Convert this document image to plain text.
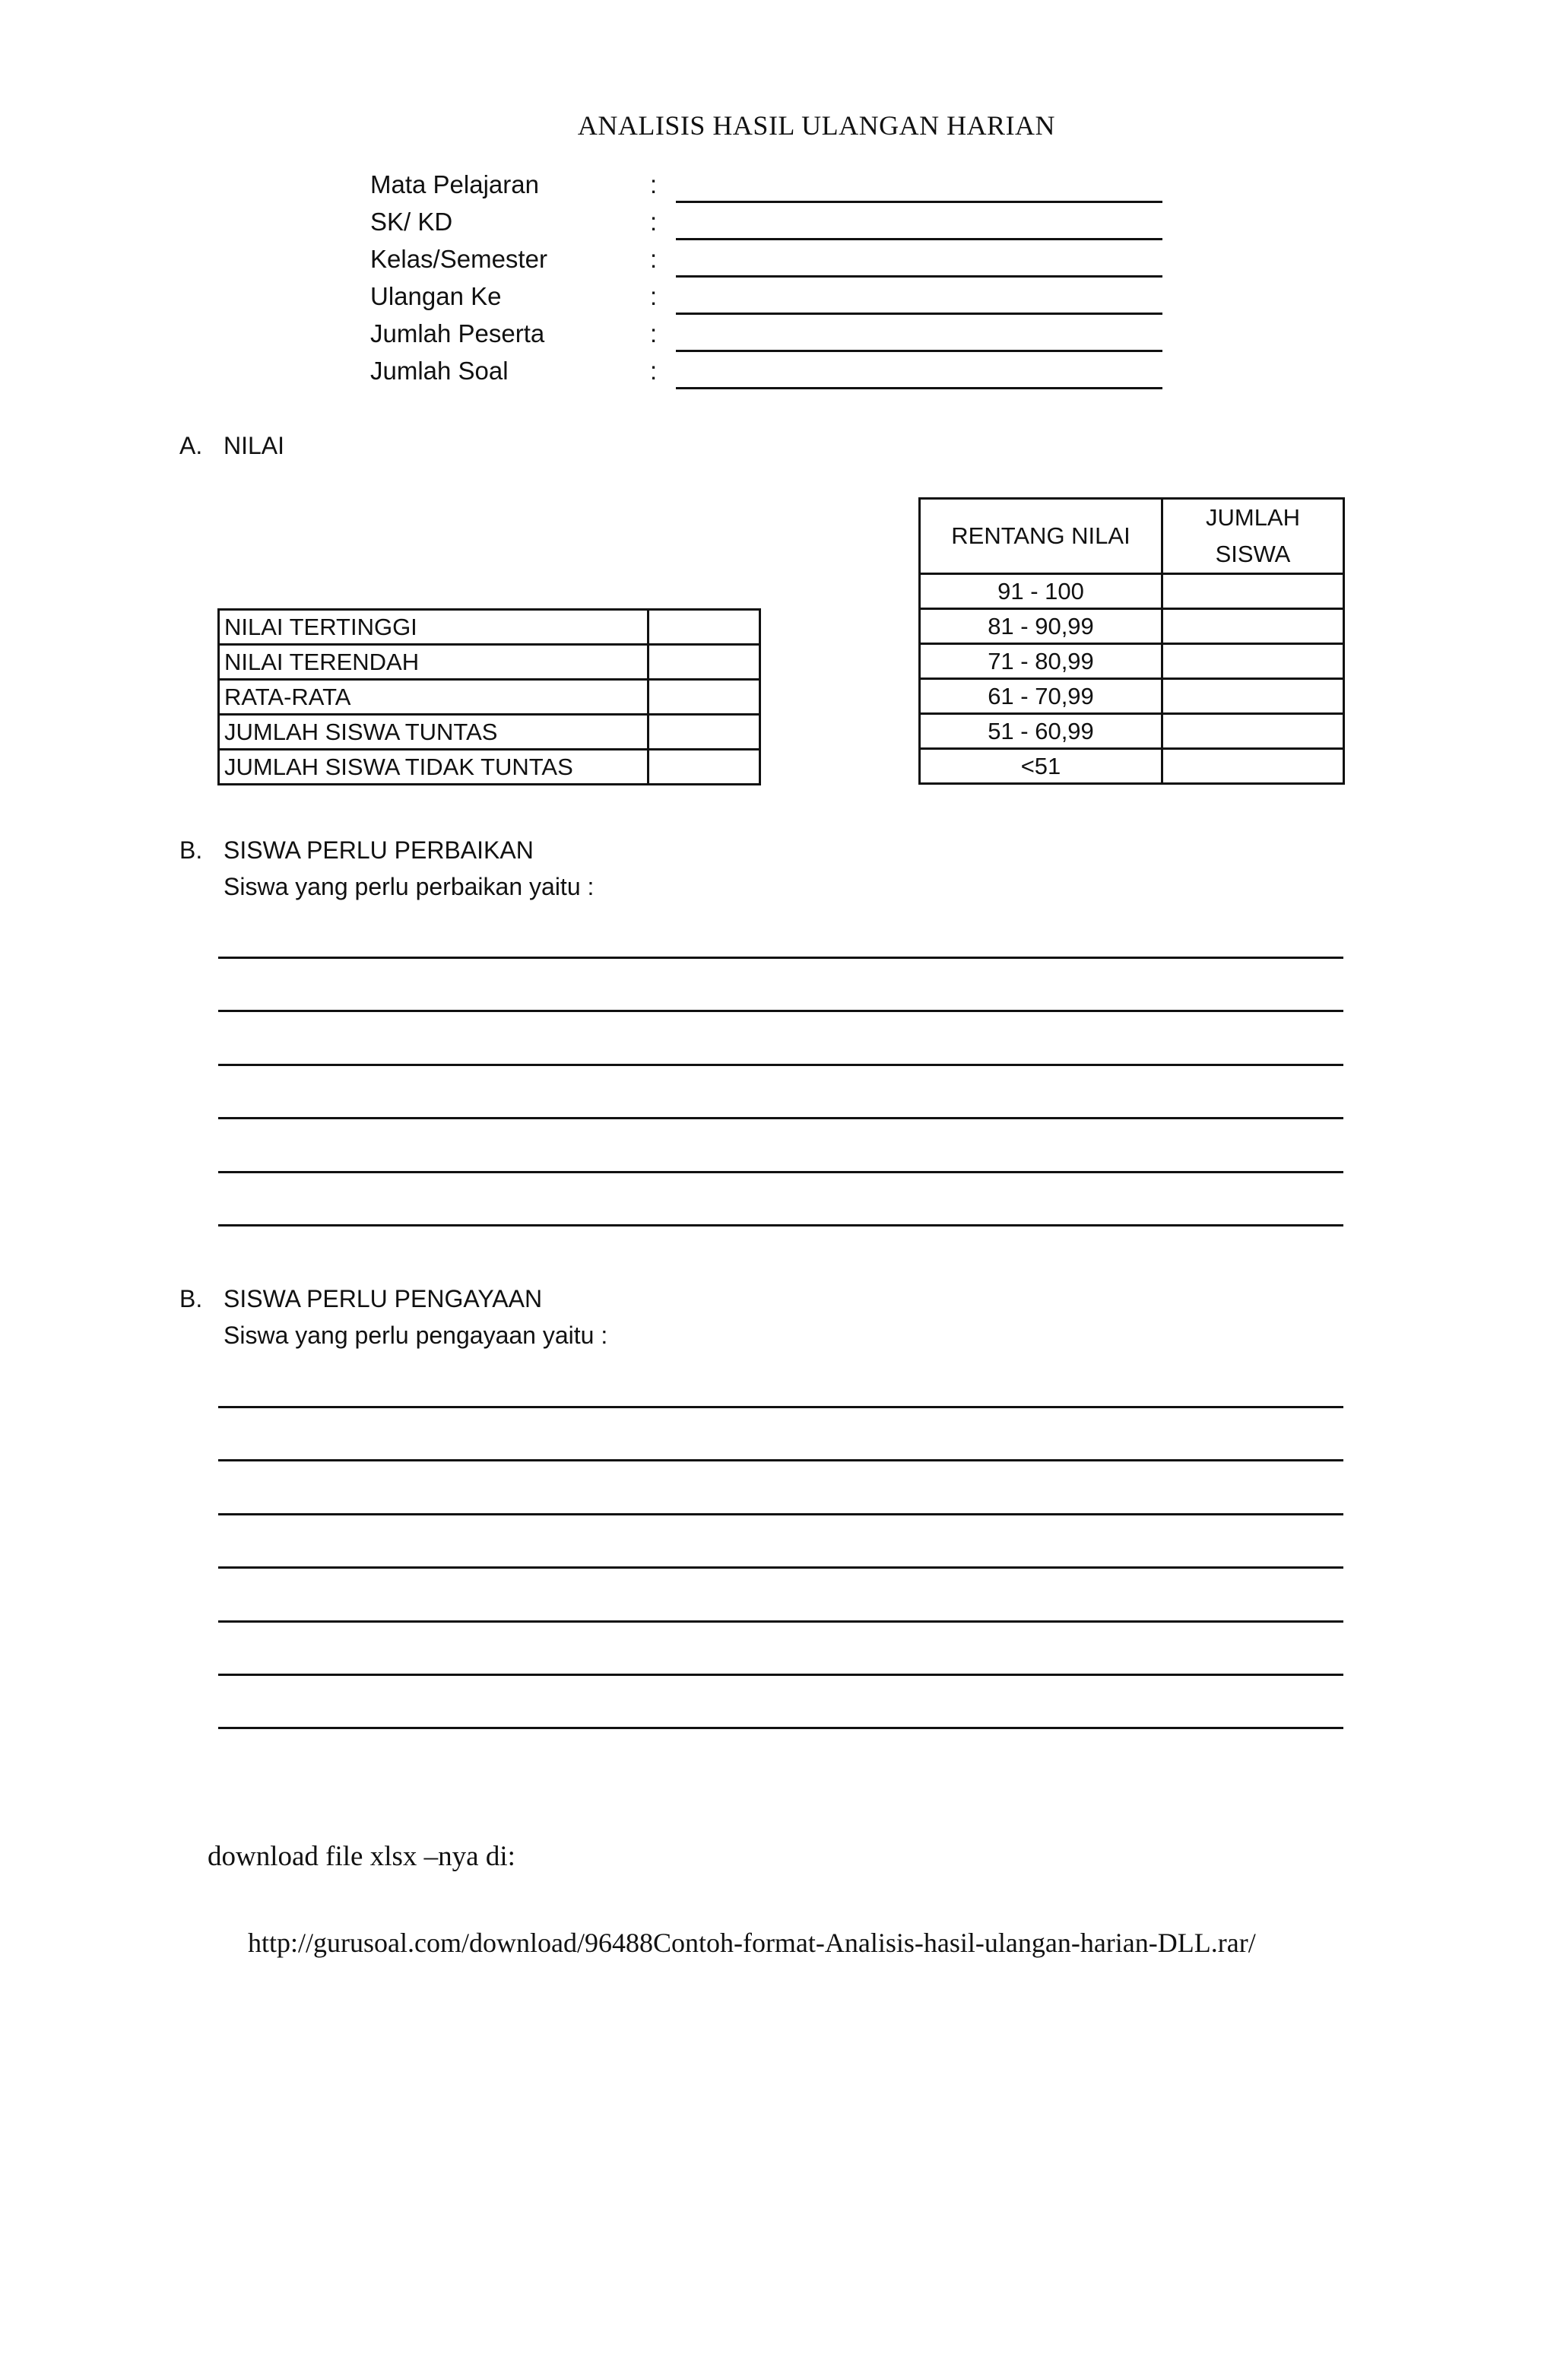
ANALISIS HASIL ULANGAN HARIAN
Mata Pelajaran	:
SK/ KD	:
Kelas/Semester	:
Ulangan Ke	:
Jumlah Peserta	:
Jumlah Soal	:
A. NILAI
NILAI TERTINGGI	
NILAI TERENDAH	
RATA-RATA	
JUMLAH SISWA TUNTAS	
JUMLAH SISWA TIDAK TUNTAS	
RENTANG NILAI	JUMLAH
SISWA

91 - 100	
81 - 90,99	
71 - 80,99	
61 - 70,99	
51 - 60,99	
<51	
B. SISWA PERLU PERBAIKAN
Siswa yang perlu perbaikan yaitu :
B. SISWA PERLU PENGAYAAN
Siswa yang perlu pengayaan yaitu :
download file xlsx –nya di:
http://gurusoal.com/download/96488Contoh-format-Analisis-hasil-ulangan-harian-DLL.rar/
